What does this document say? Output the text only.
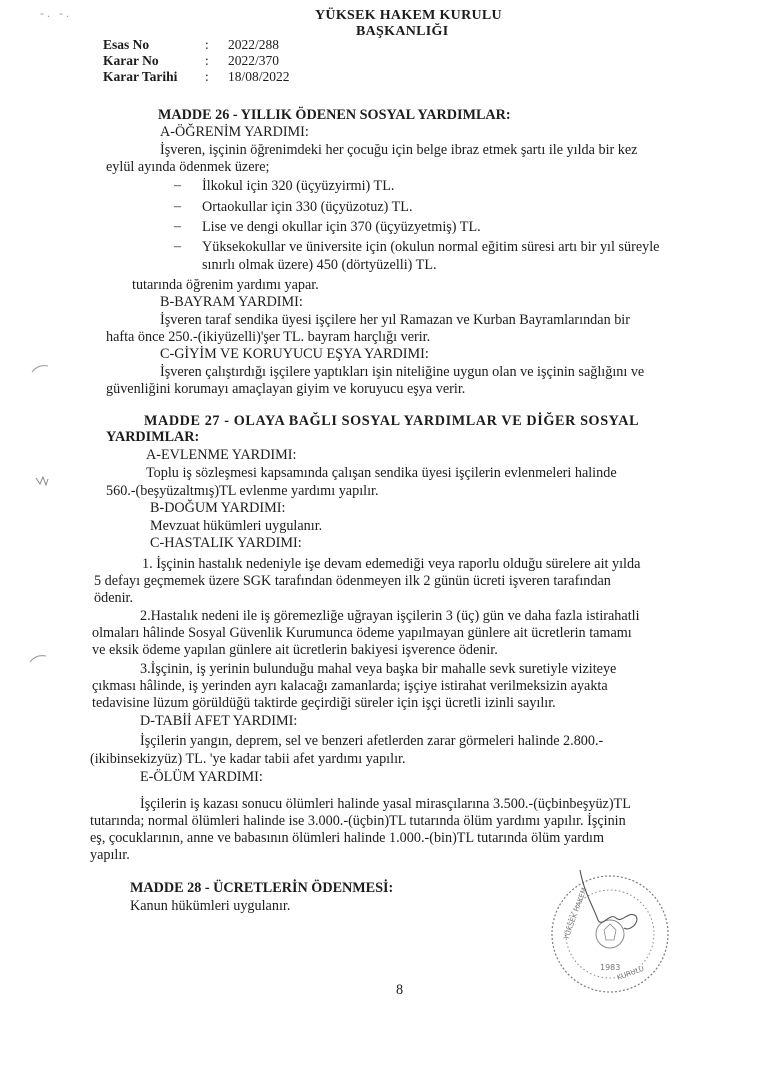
YÜKSEK HAKEM KURULU
BAŞKANLIĞI
Esas No	: 2022/288
Karar No	: 2022/370
Karar Tarihi : 18/08/2022
MADDE 26 - YILLIK ÖDENEN SOSYAL YARDIMLAR:
A-ÖĞRENİM YARDIMI:
İşveren, işçinin öğrenimdeki her çocuğu için belge ibraz etmek şartı ile yılda bir kez
eylül ayında ödenmek üzere;
– İlkokul için 320 (üçyüzyirmi) TL.
– Ortaokullar için 330 (üçyüzotuz) TL.
– Lise ve dengi okullar için 370 (üçyüzyetmiş) TL.
– Yüksekokullar ve üniversite için (okulun normal eğitim süresi artı bir yıl süreyle
sınırlı olmak üzere) 450 (dörtyüzelli) TL.
tutarında öğrenim yardımı yapar.
B-BAYRAM YARDIMI:
İşveren taraf sendika üyesi işçilere her yıl Ramazan ve Kurban Bayramlarından bir
hafta önce 250.-(ikiyüzelli)'şer TL. bayram harçlığı verir.
C-GİYİM VE KORUYUCU EŞYA YARDIMI:
İşveren çalıştırdığı işçilere yaptıkları işin niteliğine uygun olan ve işçinin sağlığını ve
güvenliğini korumayı amaçlayan giyim ve koruyucu eşya verir.
MADDE 27 - OLAYA BAĞLI SOSYAL YARDIMLAR VE DİĞER SOSYAL
YARDIMLAR:
A-EVLENME YARDIMI:
Toplu iş sözleşmesi kapsamında çalışan sendika üyesi işçilerin evlenmeleri halinde
560.-(beşyüzaltmış)TL evlenme yardımı yapılır.
B-DOĞUM YARDIMI:
Mevzuat hükümleri uygulanır.
C-HASTALIK YARDIMI:
1. İşçinin hastalık nedeniyle işe devam edemediği veya raporlu olduğu sürelere ait yılda
5 defayı geçmemek üzere SGK tarafından ödenmeyen ilk 2 günün ücreti işveren tarafından
ödenir.
2.Hastalık nedeni ile iş göremezliğe uğrayan işçilerin 3 (üç) gün ve daha fazla istirahatli
olmaları hâlinde Sosyal Güvenlik Kurumunca ödeme yapılmayan günlere ait ücretlerin tamamı
ve eksik ödeme yapılan günlere ait ücretlerin bakiyesi işverence ödenir.
3.İşçinin, iş yerinin bulunduğu mahal veya başka bir mahalle sevk suretiyle viziteye
çıkması hâlinde, iş yerinden ayrı kalacağı zamanlarda; işçiye istirahat verilmeksizin ayakta
tedavisine lüzum görüldüğü taktirde geçirdiği süreler için işçi ücretli izinli sayılır.
D-TABİİ AFET YARDIMI:
İşçilerin yangın, deprem, sel ve benzeri afetlerden zarar görmeleri halinde 2.800.-
(ikibinsekizyüz) TL. 'ye kadar tabii afet yardımı yapılır.
E-ÖLÜM YARDIMI:
İşçilerin iş kazası sonucu ölümleri halinde yasal mirasçılarına 3.500.-(üçbinbeşyüz)TL
tutarında; normal ölümleri halinde ise 3.000.-(üçbin)TL tutarında ölüm yardımı yapılır. İşçinin
eş, çocuklarının, anne ve babasının ölümleri halinde 1.000.-(bin)TL tutarında ölüm yardım
yapılır.
MADDE 28 - ÜCRETLERİN ÖDENMESİ:
Kanun hükümleri uygulanır.
8
- .   - .
YÜKSEK HAKEM
KURULU
1983
